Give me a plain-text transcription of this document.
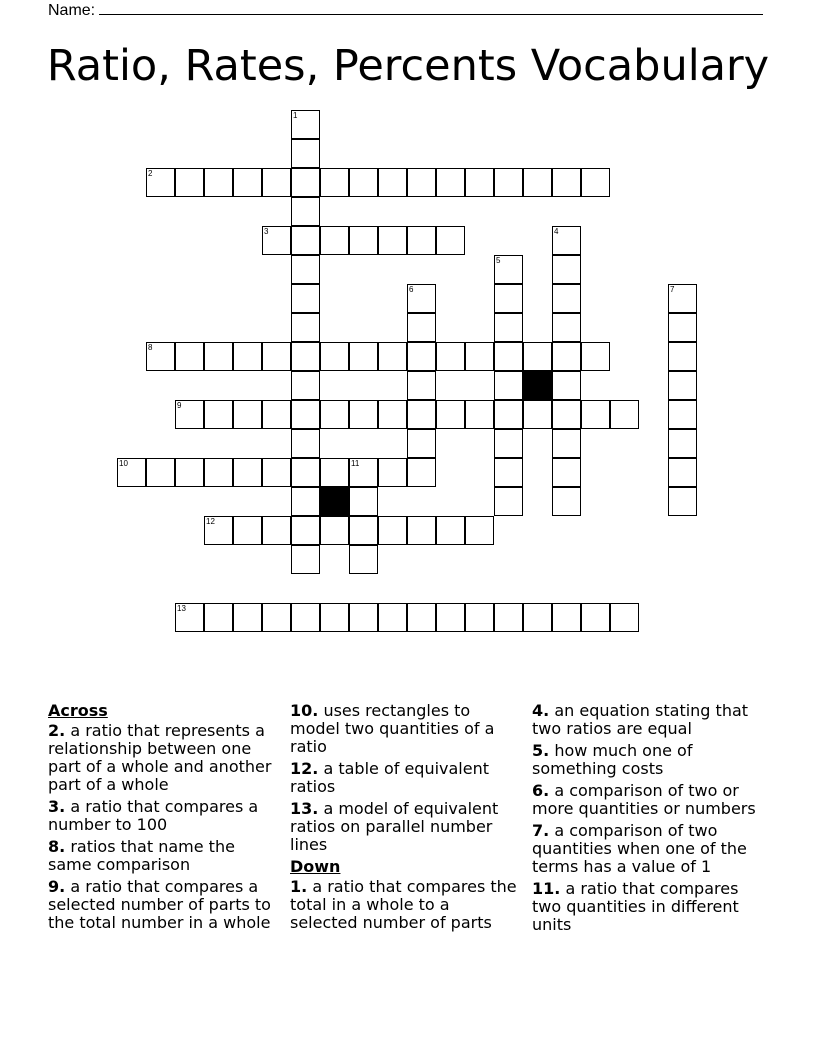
Name:
Ratio, Rates, Percents Vocabulary
1
2
3	4
5
6	7
8
9
10	11
12
13
Across
2. a ratio that represents a relationship between one part of a whole and another part of a whole
3. a ratio that compares a number to 100
8. ratios that name the same comparison
9. a ratio that compares a selected number of parts to the total number in a whole
10. uses rectangles to model two quantities of a ratio
12. a table of equivalent ratios
13. a model of equivalent ratios on parallel number lines
Down
1. a ratio that compares the total in a whole to a selected number of parts
4. an equation stating that two ratios are equal
5. how much one of something costs
6. a comparison of two or more quantities or numbers
7. a comparison of two quantities when one of the terms has a value of 1
11. a ratio that compares two quantities in different units
